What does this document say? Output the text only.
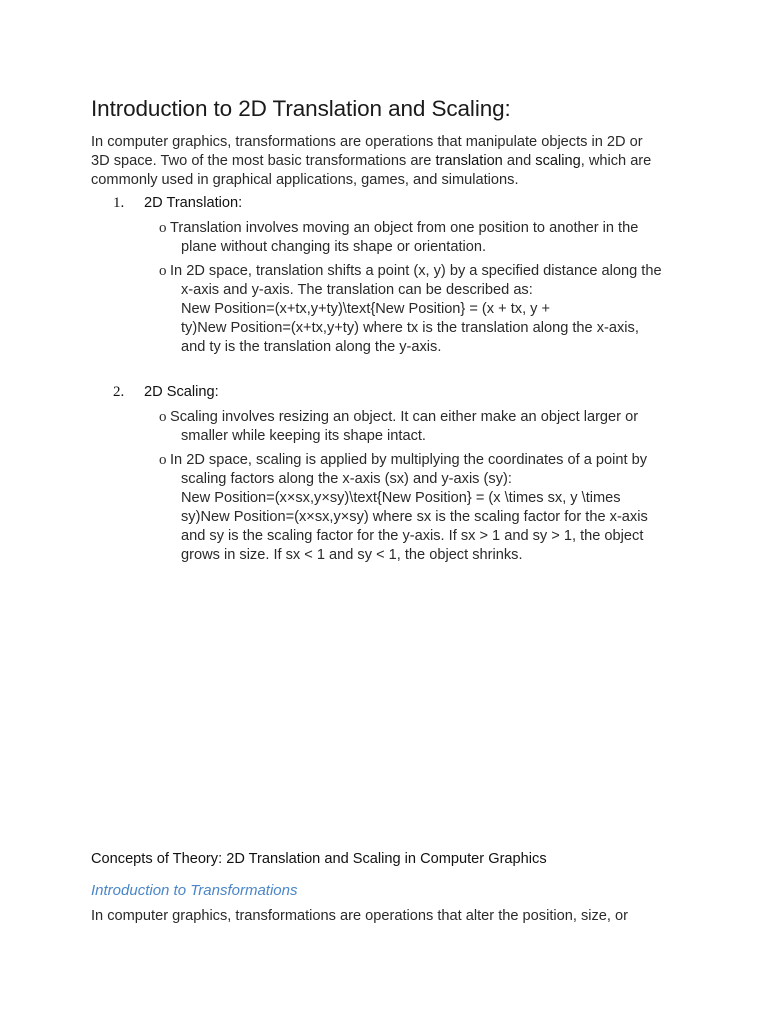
Introduction to 2D Translation and Scaling:
In computer graphics, transformations are operations that manipulate objects in 2D or
3D space. Two of the most basic transformations are translation and scaling, which are
commonly used in graphical applications, games, and simulations.
1. 2D Translation:
o Translation involves moving an object from one position to another in the
plane without changing its shape or orientation.
o In 2D space, translation shifts a point (x, y) by a specified distance along the
x-axis and y-axis. The translation can be described as:
New Position=(x+tx,y+ty)\text{New Position} = (x + tx, y +
ty)New Position=(x+tx,y+ty) where tx is the translation along the x-axis,
and ty is the translation along the y-axis.
2. 2D Scaling:
o Scaling involves resizing an object. It can either make an object larger or
smaller while keeping its shape intact.
o In 2D space, scaling is applied by multiplying the coordinates of a point by
scaling factors along the x-axis (sx) and y-axis (sy):
New Position=(x×sx,y×sy)\text{New Position} = (x \times sx, y \times
sy)New Position=(x×sx,y×sy) where sx is the scaling factor for the x-axis
and sy is the scaling factor for the y-axis. If sx > 1 and sy > 1, the object
grows in size. If sx < 1 and sy < 1, the object shrinks.
Concepts of Theory: 2D Translation and Scaling in Computer Graphics
Introduction to Transformations
In computer graphics, transformations are operations that alter the position, size, or
